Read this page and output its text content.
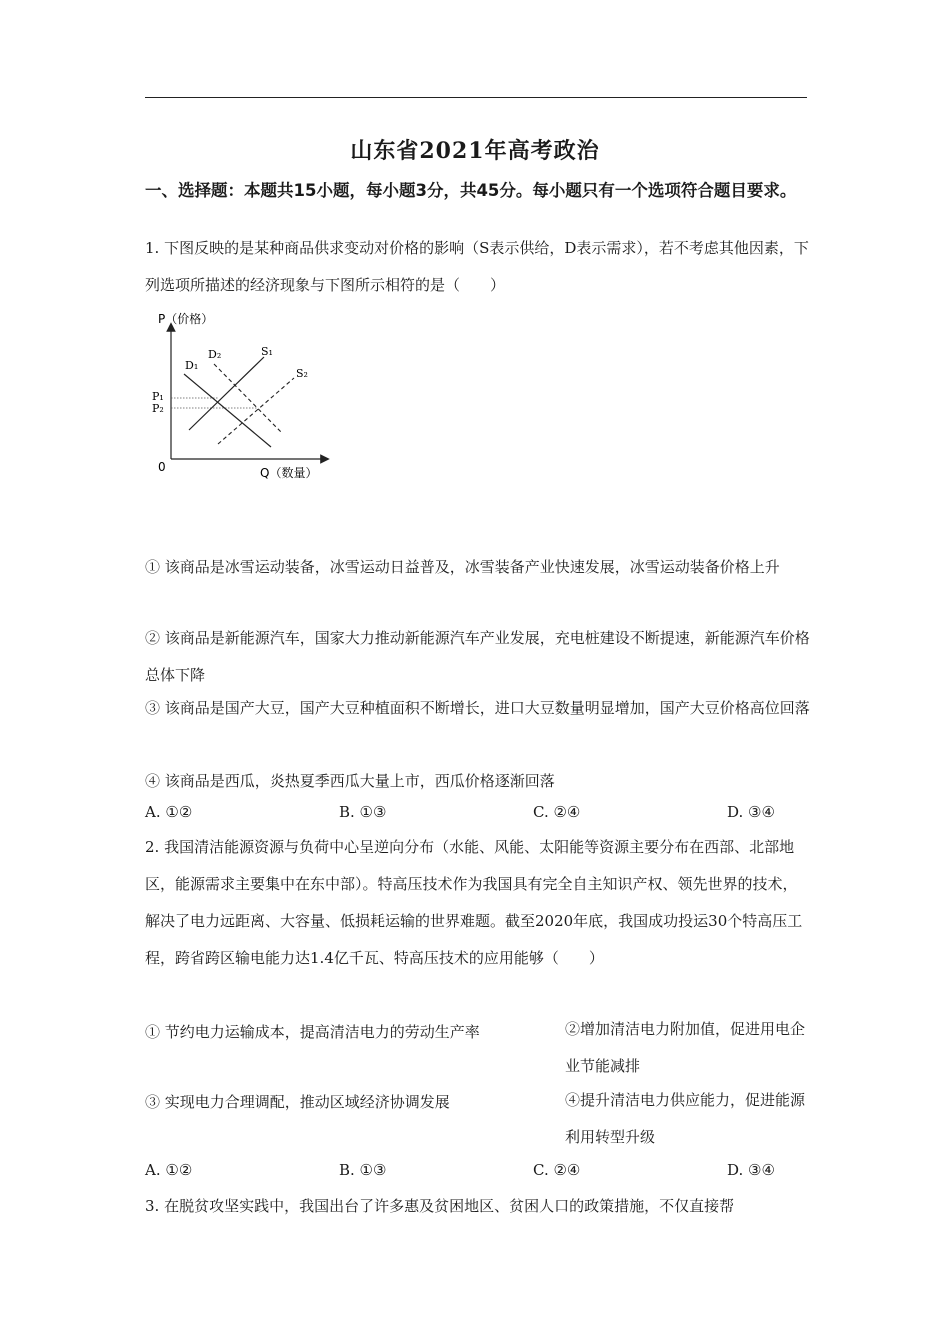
山东省2021年高考政治
一、选择题：本题共15小题，每小题3分，共45分。每小题只有一个选项符合题目要求。
1. 下图反映的是某种商品供求变动对价格的影响（S表示供给，D表示需求），若不考虑其他因素，下列选项所描述的经济现象与下图所示相符的是（　　）
P（价格）
Q（数量）
0
P₁
P₂
D₁
D₂	S₁
S₂
① 该商品是冰雪运动装备，冰雪运动日益普及，冰雪装备产业快速发展，冰雪运动装备价格上升
② 该商品是新能源汽车，国家大力推动新能源汽车产业发展，充电桩建设不断提速，新能源汽车价格总体下降
③ 该商品是国产大豆，国产大豆种植面积不断增长，进口大豆数量明显增加，国产大豆价格高位回落
④ 该商品是西瓜，炎热夏季西瓜大量上市，西瓜价格逐渐回落
A. ①②	B. ①③	C. ②④	D. ③④
2. 我国清洁能源资源与负荷中心呈逆向分布（水能、风能、太阳能等资源主要分布在西部、北部地区，能源需求主要集中在东中部）。特高压技术作为我国具有完全自主知识产权、领先世界的技术，解决了电力远距离、大容量、低损耗运输的世界难题。截至2020年底，我国成功投运30个特高压工程，跨省跨区输电能力达1.4亿千瓦、特高压技术的应用能够（　　）
① 节约电力运输成本，提高清洁电力的劳动生产率	②增加清洁电力附加值，促进用电企业节能减排
③ 实现电力合理调配，推动区域经济协调发展	④提升清洁电力供应能力，促进能源利用转型升级
A. ①②	B. ①③	C. ②④	D. ③④
3. 在脱贫攻坚实践中，我国出台了许多惠及贫困地区、贫困人口的政策措施，不仅直接帮
